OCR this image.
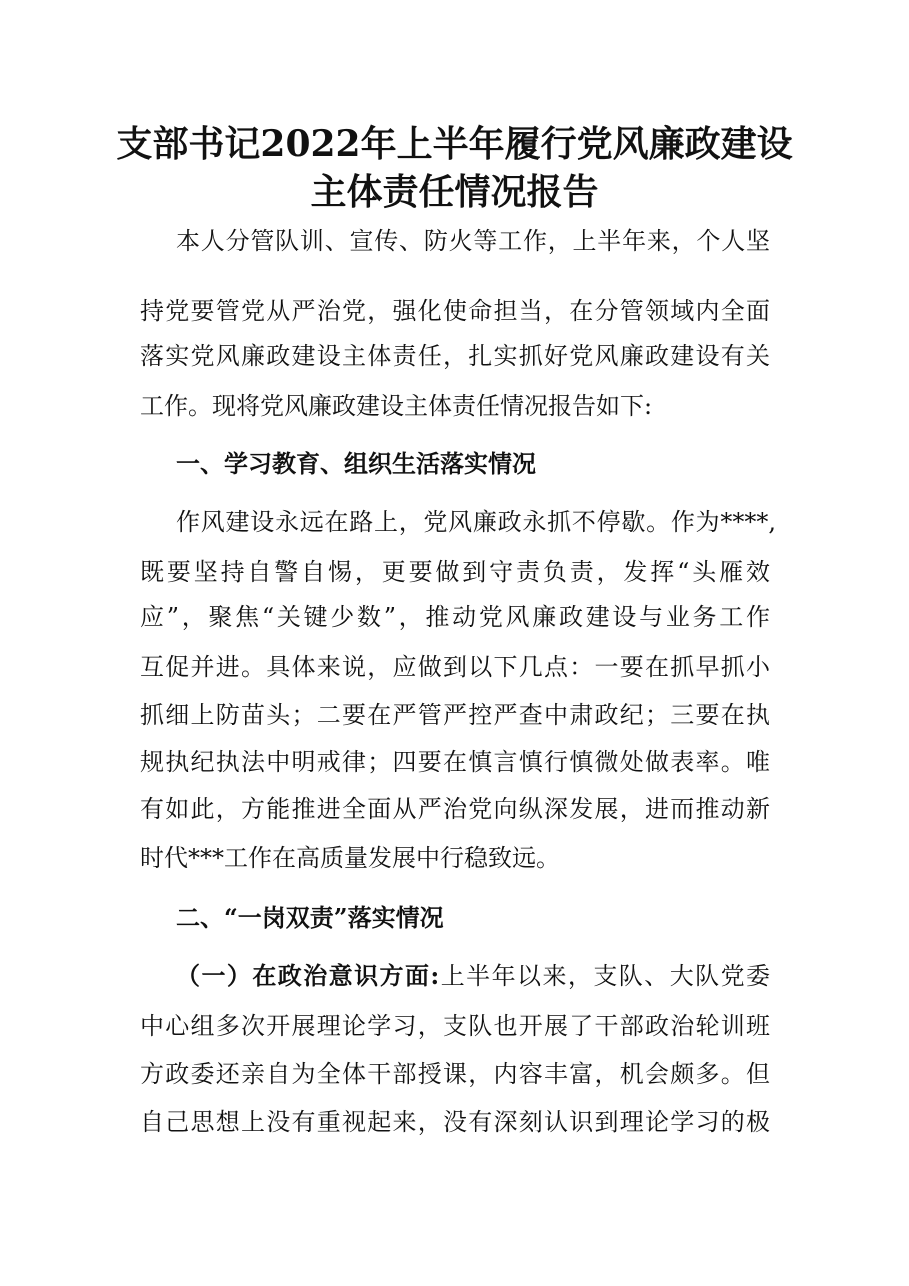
支部书记2022年上半年履行党风廉政建设
主体责任情况报告
本人分管队训、宣传、防火等工作，上半年来，个人坚
持党要管党从严治党，强化使命担当，在分管领域内全面
落实党风廉政建设主体责任，扎实抓好党风廉政建设有关
工作。现将党风廉政建设主体责任情况报告如下:
一、学习教育、组织生活落实情况
作风建设永远在路上，党风廉政永抓不停歇。作为****,
既要坚持自警自惕，更要做到守责负责，发挥“头雁效
应”，聚焦“关键少数”，推动党风廉政建设与业务工作
互促并进。具体来说，应做到以下几点：一要在抓早抓小
抓细上防苗头；二要在严管严控严查中肃政纪；三要在执
规执纪执法中明戒律；四要在慎言慎行慎微处做表率。唯
有如此，方能推进全面从严治党向纵深发展，进而推动新
时代***工作在高质量发展中行稳致远。
二、“一岗双责”落实情况
（一）在政治意识方面:上半年以来，支队、大队党委
中心组多次开展理论学习，支队也开展了干部政治轮训班
方政委还亲自为全体干部授课，内容丰富，机会颇多。但
自己思想上没有重视起来，没有深刻认识到理论学习的极
